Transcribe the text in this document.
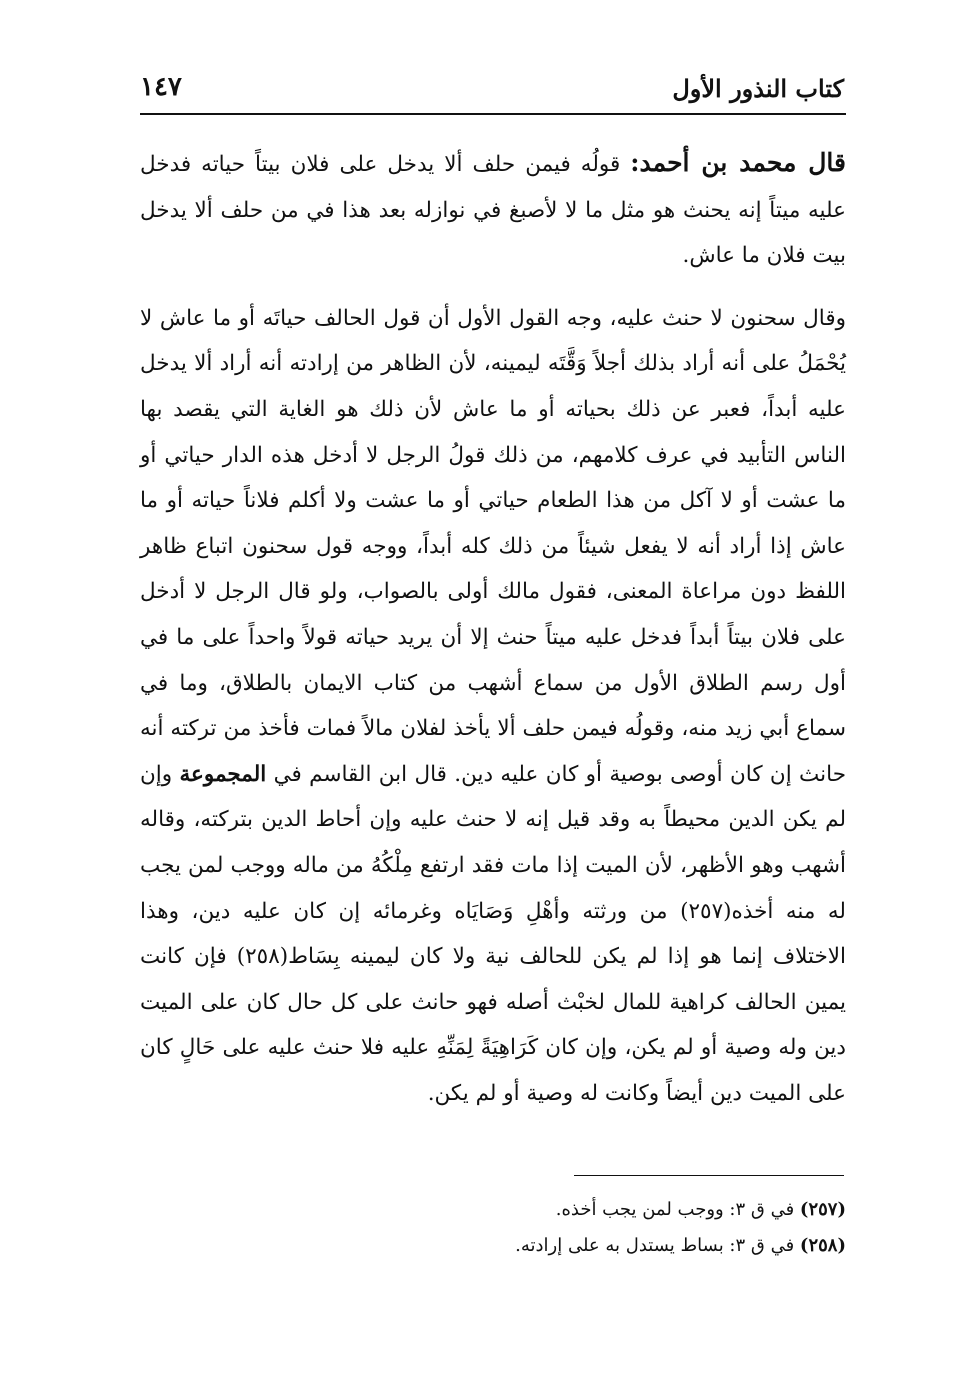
كتاب النذور الأول
١٤٧

قال محمد بن أحمد: قولُه فيمن حلف ألا يدخل على فلان بيتاً حياته فدخل عليه ميتاً إنه يحنث هو مثل ما لا لأصبغ في نوازله بعد هذا في من حلف ألا يدخل بيت فلان ما عاش.

وقال سحنون لا حنث عليه، وجه القول الأول أن قول الحالف حياتَه أو ما عاش لا يُحْمَلُ على أنه أراد بذلك أجلاً وَقَّتَه ليمينه، لأن الظاهر من إرادته أنه أراد ألا يدخل عليه أبداً، فعبر عن ذلك بحياته أو ما عاش لأن ذلك هو الغاية التي يقصد بها الناس التأبيد في عرف كلامهم، من ذلك قولُ الرجل لا أدخل هذه الدار حياتي أو ما عشت أو لا آكل من هذا الطعام حياتي أو ما عشت ولا أكلم فلاناً حياته أو ما عاش إذا أراد أنه لا يفعل شيئاً من ذلك كله أبداً، ووجه قول سحنون اتباع ظاهر اللفظ دون مراعاة المعنى، فقول مالك أولى بالصواب، ولو قال الرجل لا أدخل على فلان بيتاً أبداً فدخل عليه ميتاً حنث إلا أن يريد حياته قولاً واحداً على ما في أول رسم الطلاق الأول من سماع أشهب من كتاب الايمان بالطلاق، وما في سماع أبي زيد منه، وقولُه فيمن حلف ألا يأخذ لفلان مالاً فمات فأخذ من تركته أنه حانث إن كان أوصى بوصية أو كان عليه دين. قال ابن القاسم في المجموعة وإن لم يكن الدين محيطاً به وقد قيل إنه لا حنث عليه وإن أحاط الدين بتركته، وقاله أشهب وهو الأظهر، لأن الميت إذا مات فقد ارتفع مِلْكُهُ من ماله ووجب لمن يجب له منه أخذه(٢٥٧) من ورثته وأهْلِ وَصَايَاه وغرمائه إن كان عليه دين، وهذا الاختلاف إنما هو إذا لم يكن للحالف نية ولا كان ليمينه بِسَاط(٢٥٨) فإن كانت يمين الحالف كراهية للمال لخبْث أصله فهو حانث على كل حال كان على الميت دين وله وصية أو لم يكن، وإن كان كَرَاهِيَةً لِمَنِّهِ عليه فلا حنث عليه على حَالٍ كان على الميت دين أيضاً وكانت له وصية أو لم يكن.

(٢٥٧) في ق ٣: ووجب لمن يجب أخذه.
(٢٥٨) في ق ٣: بساط يستدل به على إرادته.
